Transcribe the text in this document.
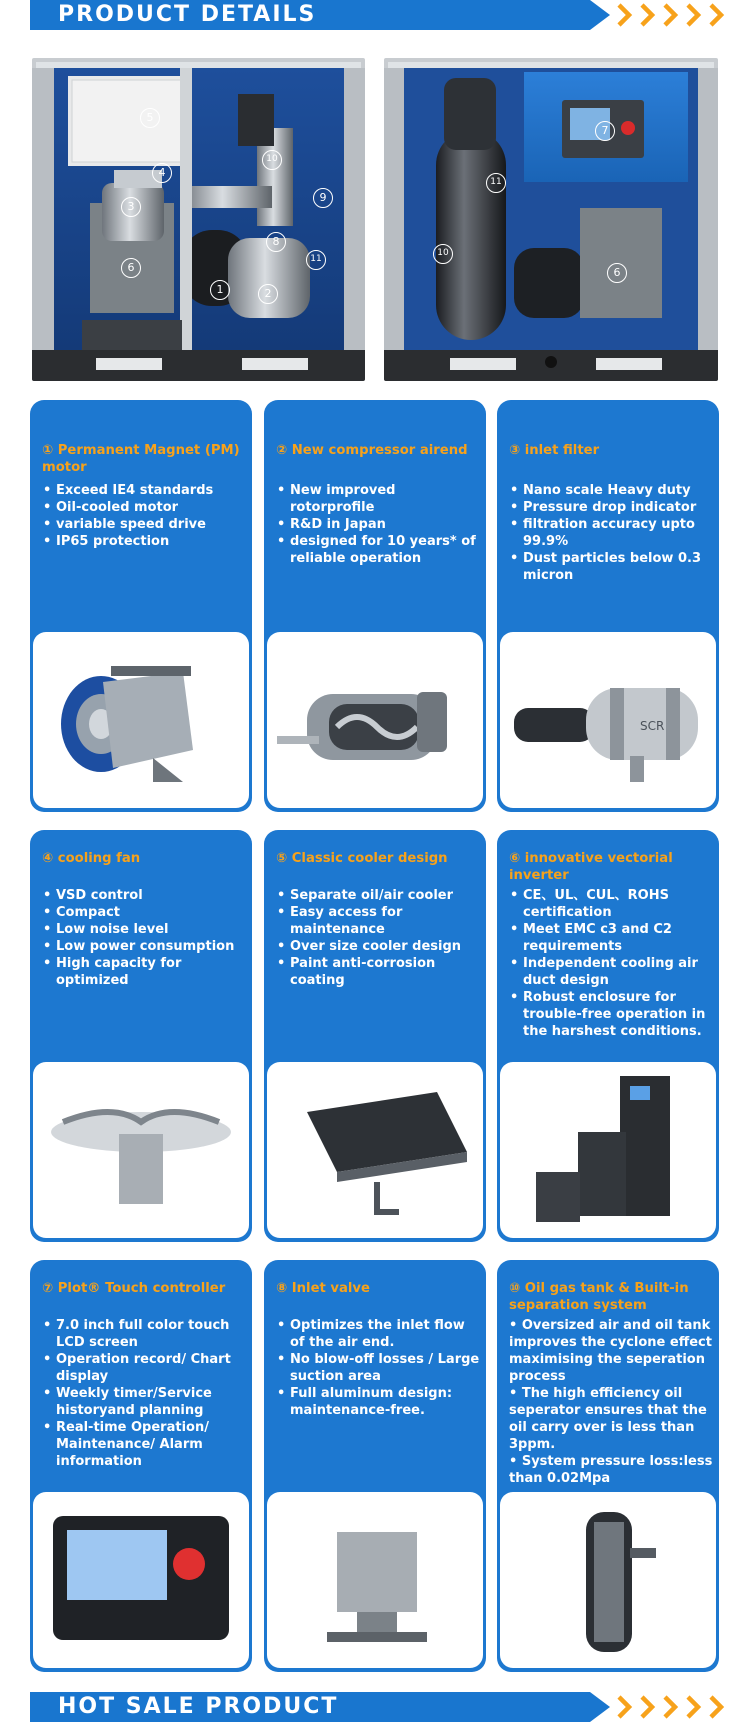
PRODUCT DETAILS
5
4
10
3
9
8
11
6
1	2
7
11
10
6
① Permanent Magnet (PM) motor
• Exceed IE4 standards
• Oil-cooled motor
• variable speed drive
• IP65 protection
② New compressor airend
• New improved rotorprofile
• R&D in Japan
• designed for 10 years* of reliable operation
③ inlet filter
• Nano scale Heavy duty
• Pressure drop indicator
• filtration accuracy upto 99.9%
• Dust particles below 0.3 micron
SCR
④ cooling fan
• VSD control
• Compact
• Low noise level
• Low power consumption
• High capacity for optimized
⑤ Classic cooler design
• Separate oil/air cooler
• Easy access for maintenance
• Over size cooler design
• Paint anti-corrosion coating
⑥ innovative vectorial inverter
• CE、UL、CUL、ROHS certification
• Meet EMC c3 and C2 requirements
• Independent cooling air duct design
• Robust enclosure for trouble-free operation in the harshest conditions.
⑦ Plot® Touch controller
• 7.0 inch full color touch LCD screen
• Operation record/ Chart display
• Weekly timer/Service historyand planning
• Real-time Operation/ Maintenance/ Alarm information
⑧ Inlet valve
• Optimizes the inlet flow of the air end.
• No blow-off losses / Large suction area
• Full aluminum design: maintenance-free.
⑩ Oil gas tank & Built-in separation system
• Oversized air and oil tank improves the cyclone effect maximising the seperation process
• The high efficiency oil seperator ensures that the oil carry over is less than 3ppm.
• System pressure loss:less than 0.02Mpa
HOT SALE PRODUCT
